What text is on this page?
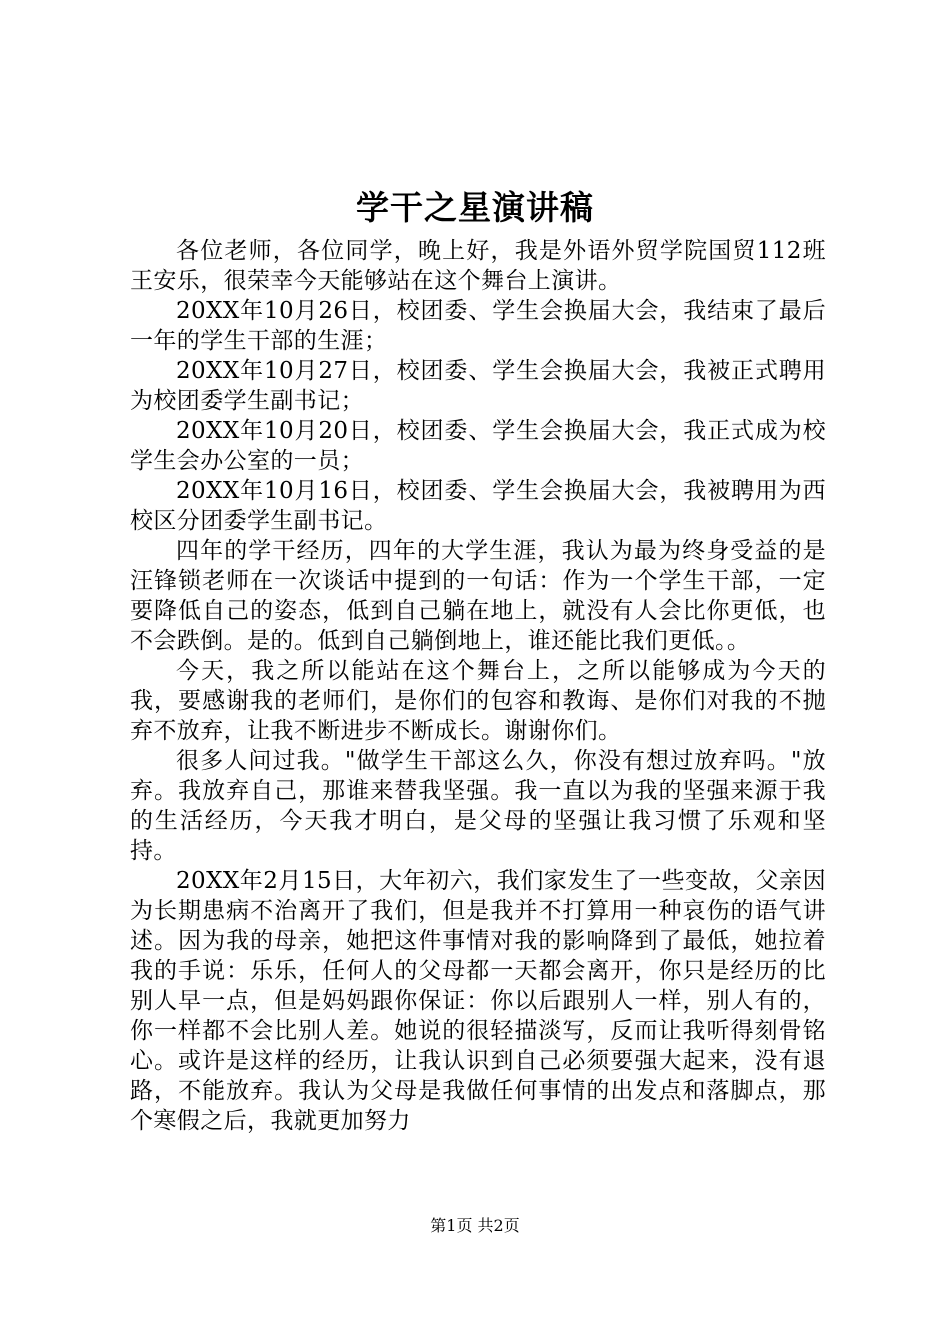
学干之星演讲稿

各位老师，各位同学，晚上好，我是外语外贸学院国贸112班王安乐，很荣幸今天能够站在这个舞台上演讲。

20XX年10月26日，校团委、学生会换届大会，我结束了最后一年的学生干部的生涯；

20XX年10月27日，校团委、学生会换届大会，我被正式聘用为校团委学生副书记；

20XX年10月20日，校团委、学生会换届大会，我正式成为校学生会办公室的一员；

20XX年10月16日，校团委、学生会换届大会，我被聘用为西校区分团委学生副书记。

四年的学干经历，四年的大学生涯，我认为最为终身受益的是汪锋锁老师在一次谈话中提到的一句话：作为一个学生干部，一定要降低自己的姿态，低到自己躺在地上，就没有人会比你更低，也不会跌倒。是的。低到自己躺倒地上，谁还能比我们更低。。

今天，我之所以能站在这个舞台上，之所以能够成为今天的我，要感谢我的老师们，是你们的包容和教诲、是你们对我的不抛弃不放弃，让我不断进步不断成长。谢谢你们。

很多人问过我。"做学生干部这么久，你没有想过放弃吗。"放弃。我放弃自己，那谁来替我坚强。我一直以为我的坚强来源于我的生活经历，今天我才明白，是父母的坚强让我习惯了乐观和坚持。

20XX年2月15日，大年初六，我们家发生了一些变故，父亲因为长期患病不治离开了我们，但是我并不打算用一种哀伤的语气讲述。因为我的母亲，她把这件事情对我的影响降到了最低，她拉着我的手说：乐乐，任何人的父母都一天都会离开，你只是经历的比别人早一点，但是妈妈跟你保证：你以后跟别人一样，别人有的，你一样都不会比别人差。她说的很轻描淡写，反而让我听得刻骨铭心。或许是这样的经历，让我认识到自己必须要强大起来，没有退路，不能放弃。我认为父母是我做任何事情的出发点和落脚点，那个寒假之后，我就更加努力

第1页 共2页
